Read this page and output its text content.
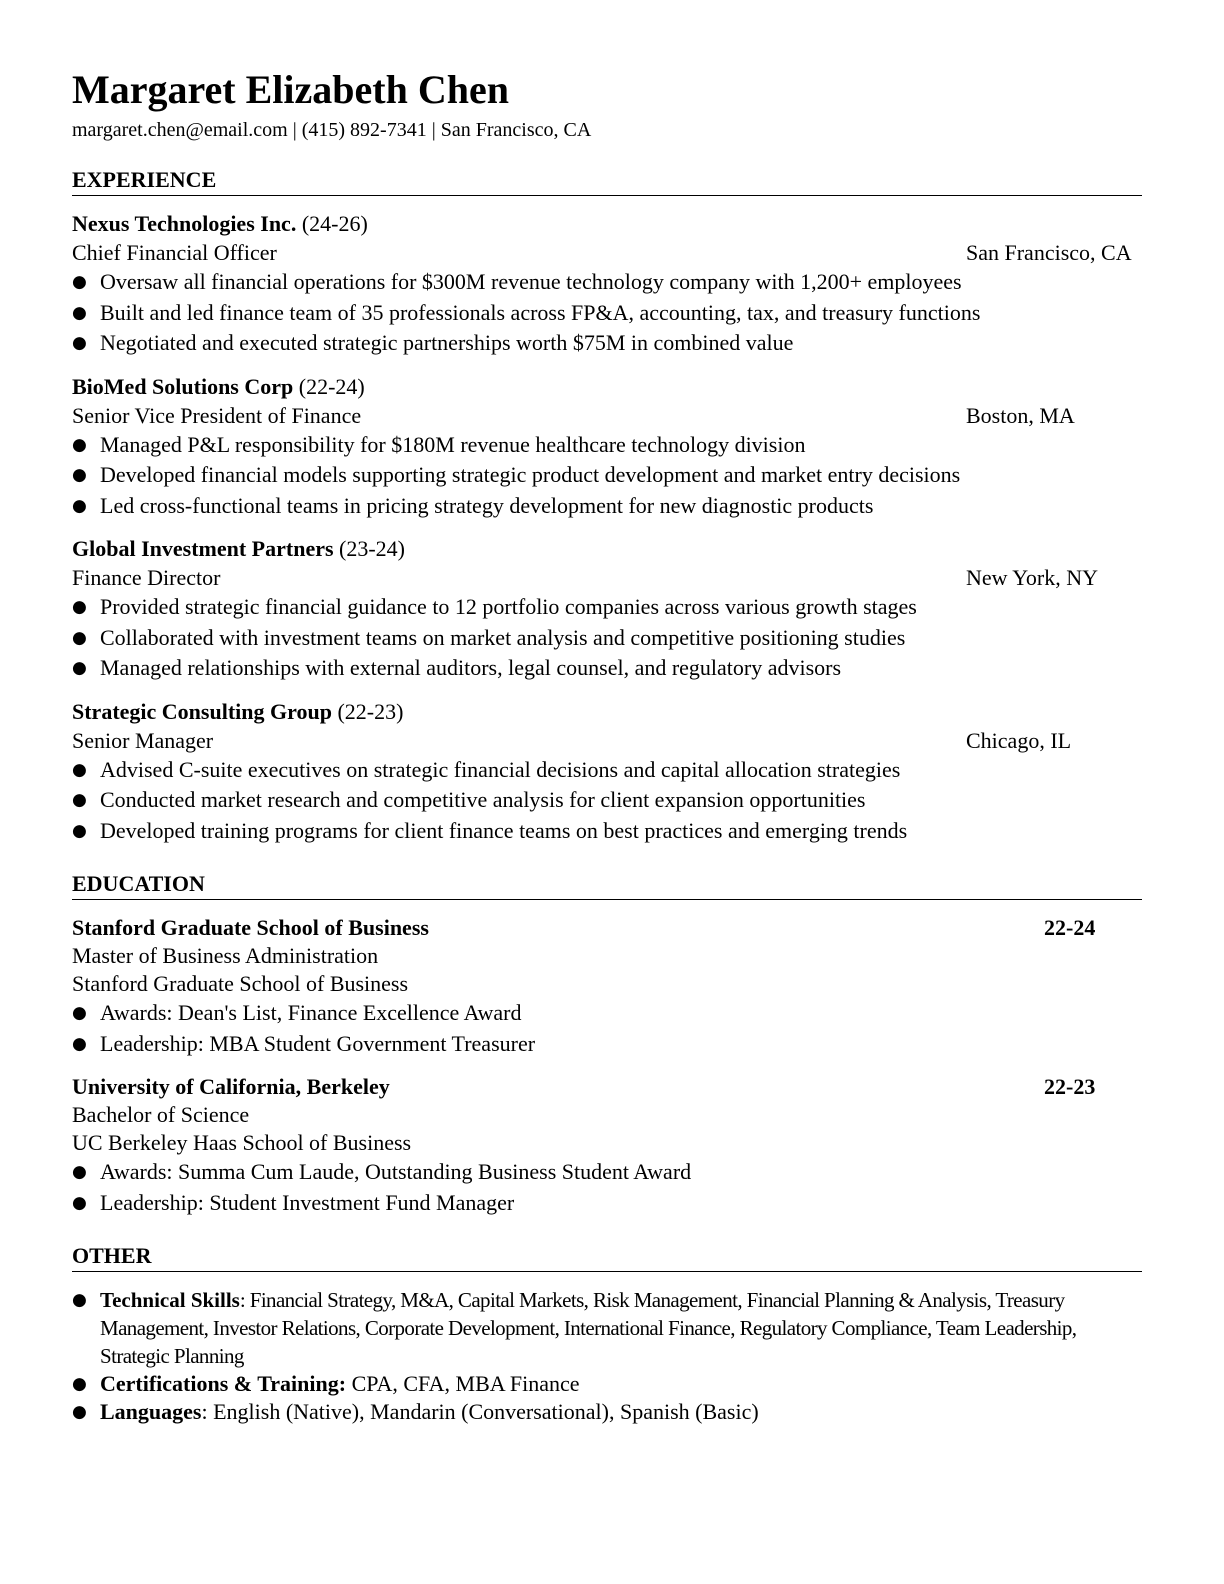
Margaret Elizabeth Chen
margaret.chen@email.com | (415) 892-7341 | San Francisco, CA
EXPERIENCE
Nexus Technologies Inc. (24-26)
Chief Financial Officer	San Francisco, CA
● Oversaw all financial operations for $300M revenue technology company with 1,200+ employees
● Built and led finance team of 35 professionals across FP&A, accounting, tax, and treasury functions
● Negotiated and executed strategic partnerships worth $75M in combined value
BioMed Solutions Corp (22-24)
Senior Vice President of Finance	Boston, MA
● Managed P&L responsibility for $180M revenue healthcare technology division
● Developed financial models supporting strategic product development and market entry decisions
● Led cross-functional teams in pricing strategy development for new diagnostic products
Global Investment Partners (23-24)
Finance Director	New York, NY
● Provided strategic financial guidance to 12 portfolio companies across various growth stages
● Collaborated with investment teams on market analysis and competitive positioning studies
● Managed relationships with external auditors, legal counsel, and regulatory advisors
Strategic Consulting Group (22-23)
Senior Manager	Chicago, IL
● Advised C-suite executives on strategic financial decisions and capital allocation strategies
● Conducted market research and competitive analysis for client expansion opportunities
● Developed training programs for client finance teams on best practices and emerging trends
EDUCATION
Stanford Graduate School of Business	22-24
Master of Business Administration
Stanford Graduate School of Business
● Awards: Dean's List, Finance Excellence Award
● Leadership: MBA Student Government Treasurer
University of California, Berkeley	22-23
Bachelor of Science
UC Berkeley Haas School of Business
● Awards: Summa Cum Laude, Outstanding Business Student Award
● Leadership: Student Investment Fund Manager
OTHER
● Technical Skills: Financial Strategy, M&A, Capital Markets, Risk Management, Financial Planning & Analysis, Treasury Management, Investor Relations, Corporate Development, International Finance, Regulatory Compliance, Team Leadership, Strategic Planning
● Certifications & Training: CPA, CFA, MBA Finance
● Languages: English (Native), Mandarin (Conversational), Spanish (Basic)
